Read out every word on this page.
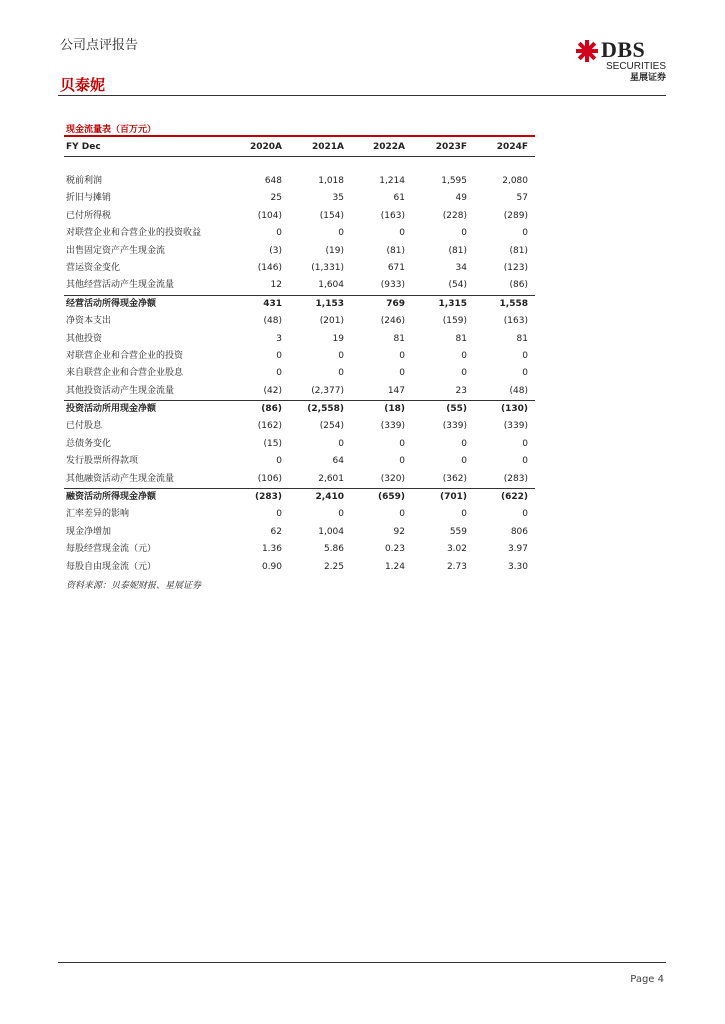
公司点评报告
贝泰妮
DBS
SECURITIES
星展证券
现金流量表（百万元）
FY Dec	2020A	2021A	2022A	2023F	2024F
税前利润	648	1,018	1,214	1,595	2,080
折旧与摊销	25	35	61	49	57
已付所得税	(104)	(154)	(163)	(228)	(289)
对联营企业和合营企业的投资收益	0	0	0	0	0
出售固定资产产生现金流	(3)	(19)	(81)	(81)	(81)
营运资金变化	(146)	(1,331)	671	34	(123)
其他经营活动产生现金流量	12	1,604	(933)	(54)	(86)
经营活动所得现金净额	431	1,153	769	1,315	1,558
净资本支出	(48)	(201)	(246)	(159)	(163)
其他投资	3	19	81	81	81
对联营企业和合营企业的投资	0	0	0	0	0
来自联营企业和合营企业股息	0	0	0	0	0
其他投资活动产生现金流量	(42)	(2,377)	147	23	(48)
投资活动所用现金净额	(86)	(2,558)	(18)	(55)	(130)
已付股息	(162)	(254)	(339)	(339)	(339)
总债务变化	(15)	0	0	0	0
发行股票所得款项	0	64	0	0	0
其他融资活动产生现金流量	(106)	2,601	(320)	(362)	(283)
融资活动所得现金净额	(283)	2,410	(659)	(701)	(622)
汇率差异的影响	0	0	0	0	0
现金净增加	62	1,004	92	559	806
每股经营现金流（元）	1.36	5.86	0.23	3.02	3.97
每股自由现金流（元）	0.90	2.25	1.24	2.73	3.30
资料来源：贝泰妮财报、星展证券
Page 4
